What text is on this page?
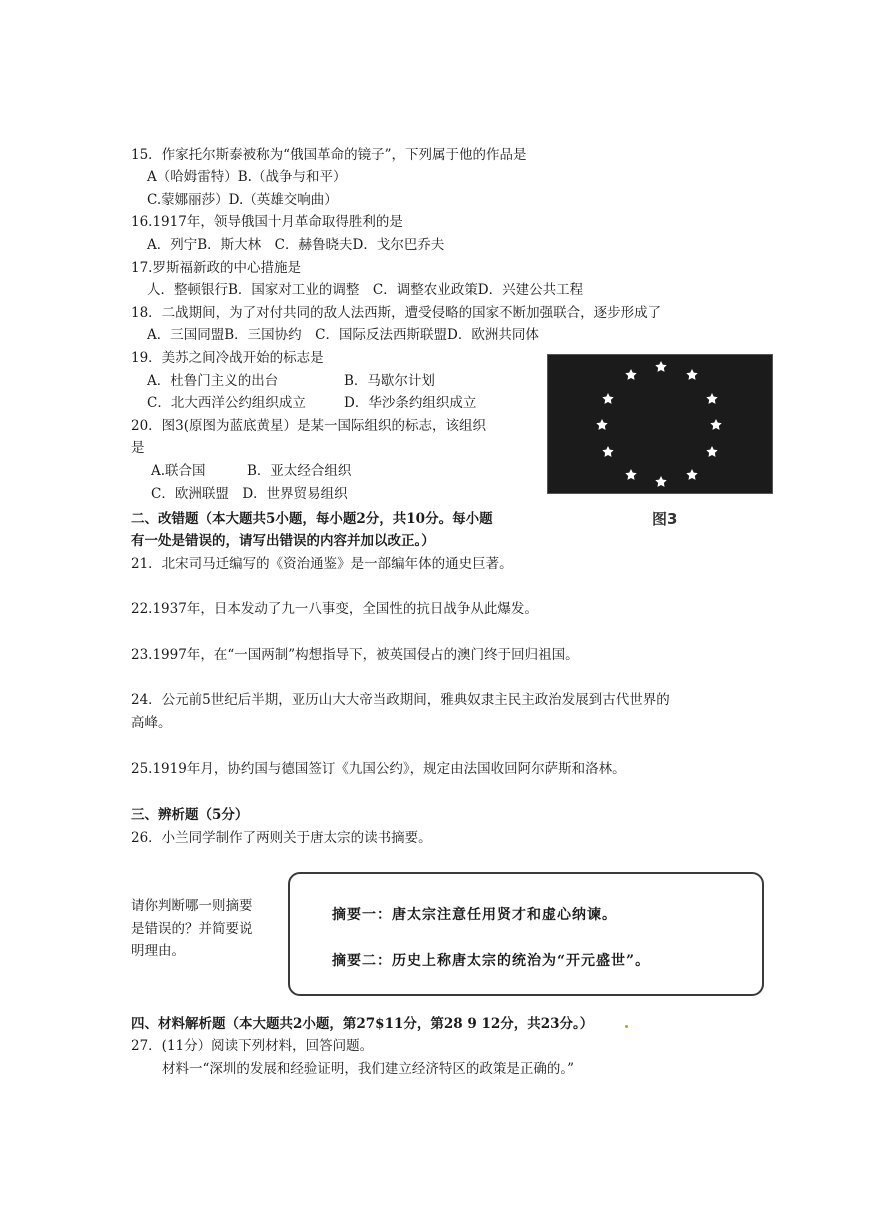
15．作家托尔斯泰被称为“俄国革命的镜子”，下列属于他的作品是
A（哈姆雷特）B.（战争与和平）
C.蒙娜丽莎）D.（英雄交响曲）
16.1917年，领导俄国十月革命取得胜利的是
A．列宁B．斯大林　C．赫鲁晓夫D．戈尔巴乔夫
17.罗斯福新政的中心措施是
人．整顿银行B．国家对工业的调整　C．调整农业政策D．兴建公共工程
18．二战期间，为了对付共同的敌人法西斯，遭受侵略的国家不断加强联合，逐步形成了
A．三国同盟B．三国协约　C．国际反法西斯联盟D．欧洲共同体
19．美苏之间冷战开始的标志是
A．杜鲁门主义的出台	B．马歇尔计划
C．北大西洋公约组织成立	D．华沙条约组织成立
20．图3(原图为蓝底黄星）是某一国际组织的标志，该组织
是
A.联合国	B．亚太经合组织
C．欧洲联盟　D．世界贸易组织
图3
二、改错题（本大题共5小题，每小题2分，共10分。每小题
有一处是错误的，请写出错误的内容并加以改正。）
21．北宋司马迁编写的《资治通鉴》是一部编年体的通史巨著。
22.1937年，日本发动了九一八事变，全国性的抗日战争从此爆发。
23.1997年，在“一国两制”构想指导下，被英国侵占的澳门终于回归祖国。
24．公元前5世纪后半期，亚历山大大帝当政期间，雅典奴隶主民主政治发展到古代世界的
高峰。
25.1919年月，协约国与德国签订《九国公约》，规定由法国收回阿尔萨斯和洛林。
三、辨析题（5分）
26．小兰同学制作了两则关于唐太宗的读书摘要。
请你判断哪一则摘要
是错误的？并简要说
明理由。
摘要一：唐太宗注意任用贤才和虚心纳谏。
摘要二：历史上称唐太宗的统治为“开元盛世”。
四、材料解析题（本大题共2小题，第27$11分，第28 9 12分，共23分。）
27．(11分）阅读下列材料，回答问题。
材料一“深圳的发展和经验证明，我们建立经济特区的政策是正确的。”
